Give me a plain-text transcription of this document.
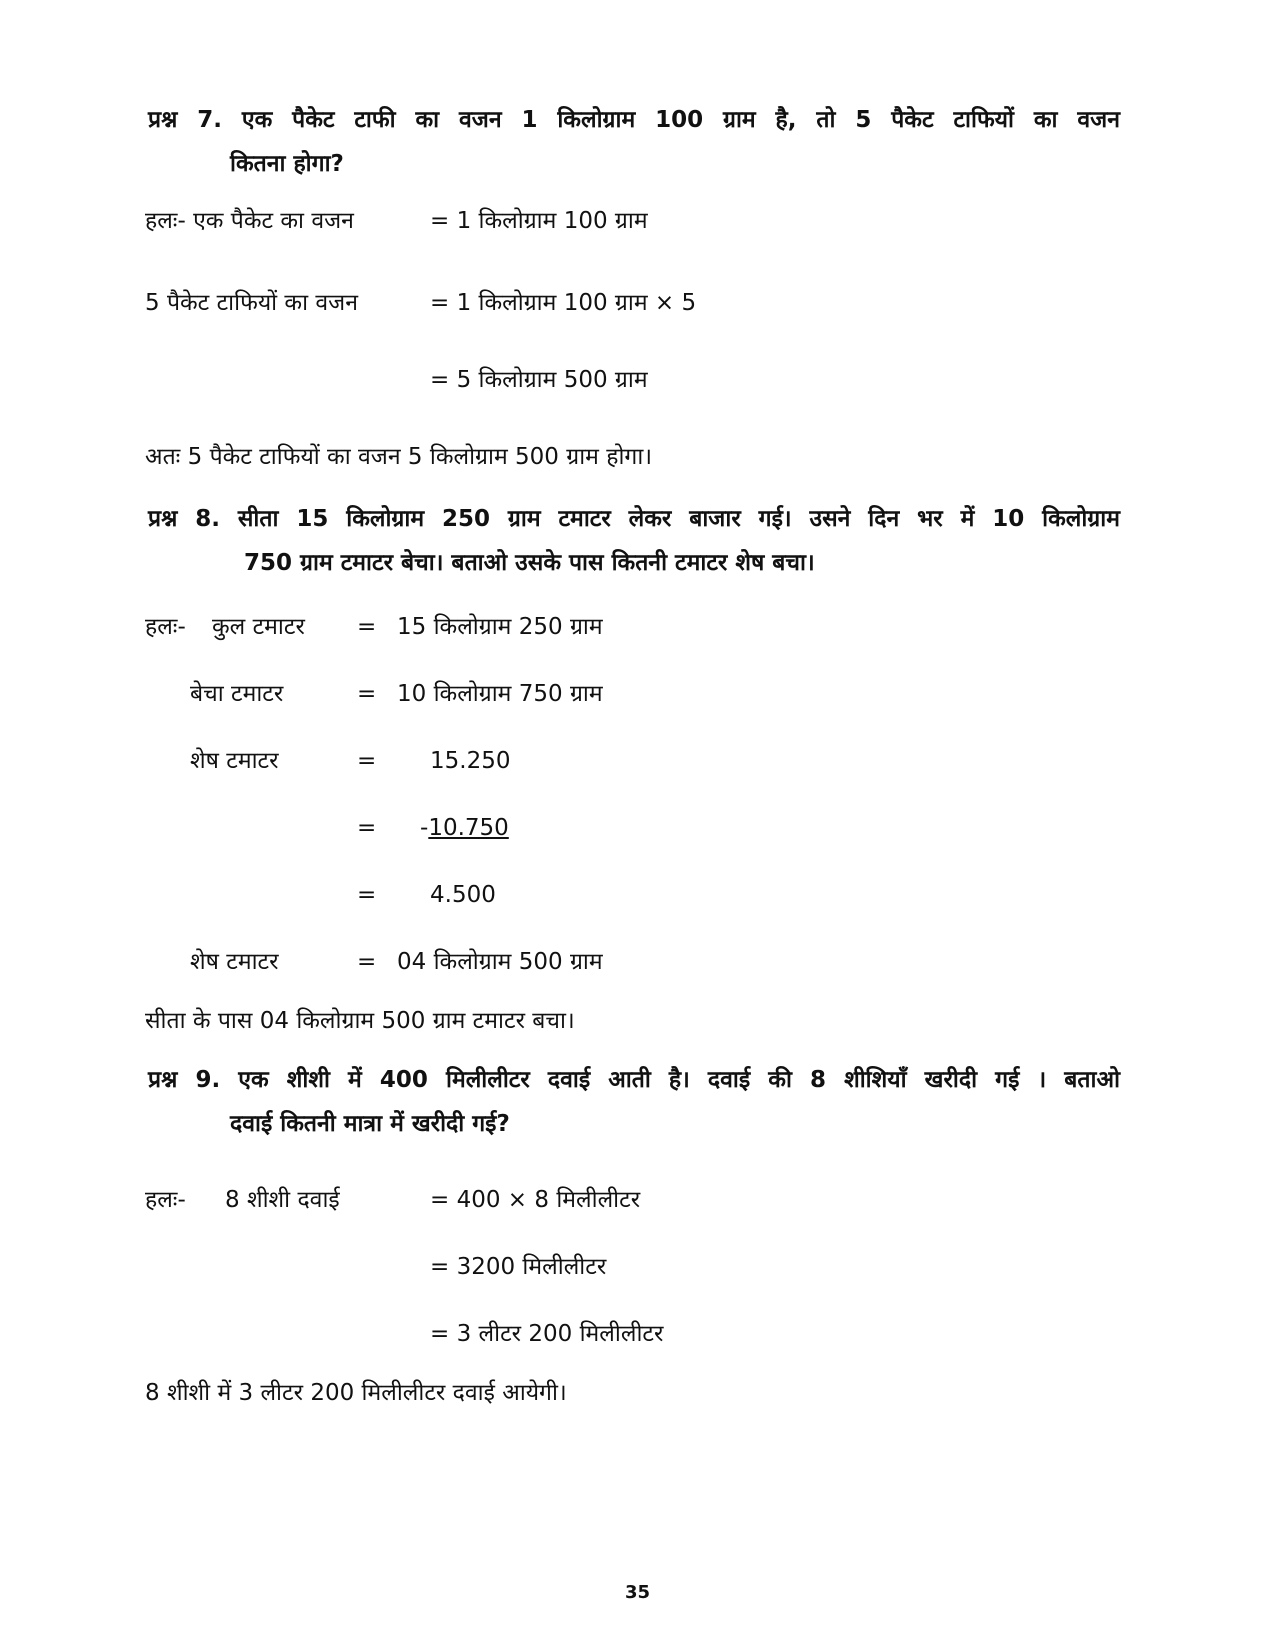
प्रश्न 7. एक पैकेट टाफी का वजन 1 किलोग्राम 100 ग्राम है, तो 5 पैकेट टाफियों का वजन
कितना होगा?
हलः- एक पैकेट का वजन	= 1 किलोग्राम 100 ग्राम
5 पैकेट टाफियों का वजन	= 1 किलोग्राम 100 ग्राम × 5
= 5 किलोग्राम 500 ग्राम
अतः 5 पैकेट टाफियों का वजन 5 किलोग्राम 500 ग्राम होगा।
प्रश्न 8. सीता 15 किलोग्राम 250 ग्राम टमाटर लेकर बाजार गई। उसने दिन भर में 10 किलोग्राम
750 ग्राम टमाटर बेचा। बताओ उसके पास कितनी टमाटर शेष बचा।
हलः- कुल टमाटर = 15 किलोग्राम 250 ग्राम
बेचा टमाटर	= 10 किलोग्राम 750 ग्राम
शेष टमाटर	= 15.250
= -10.750
= 4.500
शेष टमाटर	= 04 किलोग्राम 500 ग्राम
सीता के पास 04 किलोग्राम 500 ग्राम टमाटर बचा।
प्रश्न 9. एक शीशी में 400 मिलीलीटर दवाई आती है। दवाई की 8 शीशियाँ खरीदी गई । बताओ
दवाई कितनी मात्रा में खरीदी गई?
हलः- 8 शीशी दवाई	= 400 × 8 मिलीलीटर
= 3200 मिलीलीटर
= 3 लीटर 200 मिलीलीटर
8 शीशी में 3 लीटर 200 मिलीलीटर दवाई आयेगी।
35
